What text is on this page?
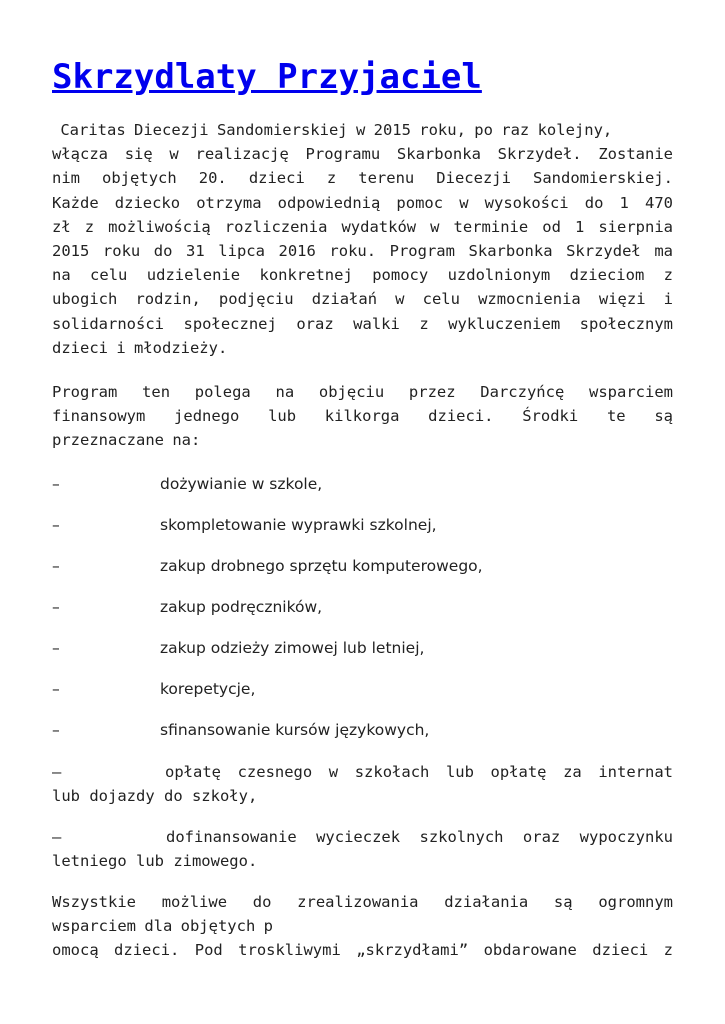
Skrzydlaty Przyjaciel
Caritas Diecezji Sandomierskiej w 2015 roku, po raz kolejny,
włącza się w realizację Programu Skarbonka Skrzydeł. Zostanie
nim objętych 20. dzieci z terenu Diecezji Sandomierskiej.
Każde dziecko otrzyma odpowiednią pomoc w wysokości do 1 470
zł z możliwością rozliczenia wydatków w terminie od 1 sierpnia
2015 roku do 31 lipca 2016 roku. Program Skarbonka Skrzydeł ma
na celu udzielenie konkretnej pomocy uzdolnionym dzieciom z
ubogich rodzin, podjęciu działań w celu wzmocnienia więzi i
solidarności społecznej oraz walki z wykluczeniem społecznym
dzieci i młodzieży.
Program ten polega na objęciu przez Darczyńcę wsparciem
finansowym jednego lub kilkorga dzieci. Środki te są
przeznaczane na:
–	dożywianie w szkole,
–	skompletowanie wyprawki szkolnej,
–	zakup drobnego sprzętu komputerowego,
–	zakup podręczników,
–	zakup odzieży zimowej lub letniej,
–	korepetycje,
–	sfinansowanie kursów językowych,
–	opłatę czesnego w szkołach lub opłatę za internat
lub dojazdy do szkoły,
–	dofinansowanie wycieczek szkolnych oraz wypoczynku
letniego lub zimowego.
Wszystkie możliwe do zrealizowania działania są ogromnym
wsparciem dla objętych p
omocą dzieci. Pod troskliwymi „skrzydłami” obdarowane dzieci z
